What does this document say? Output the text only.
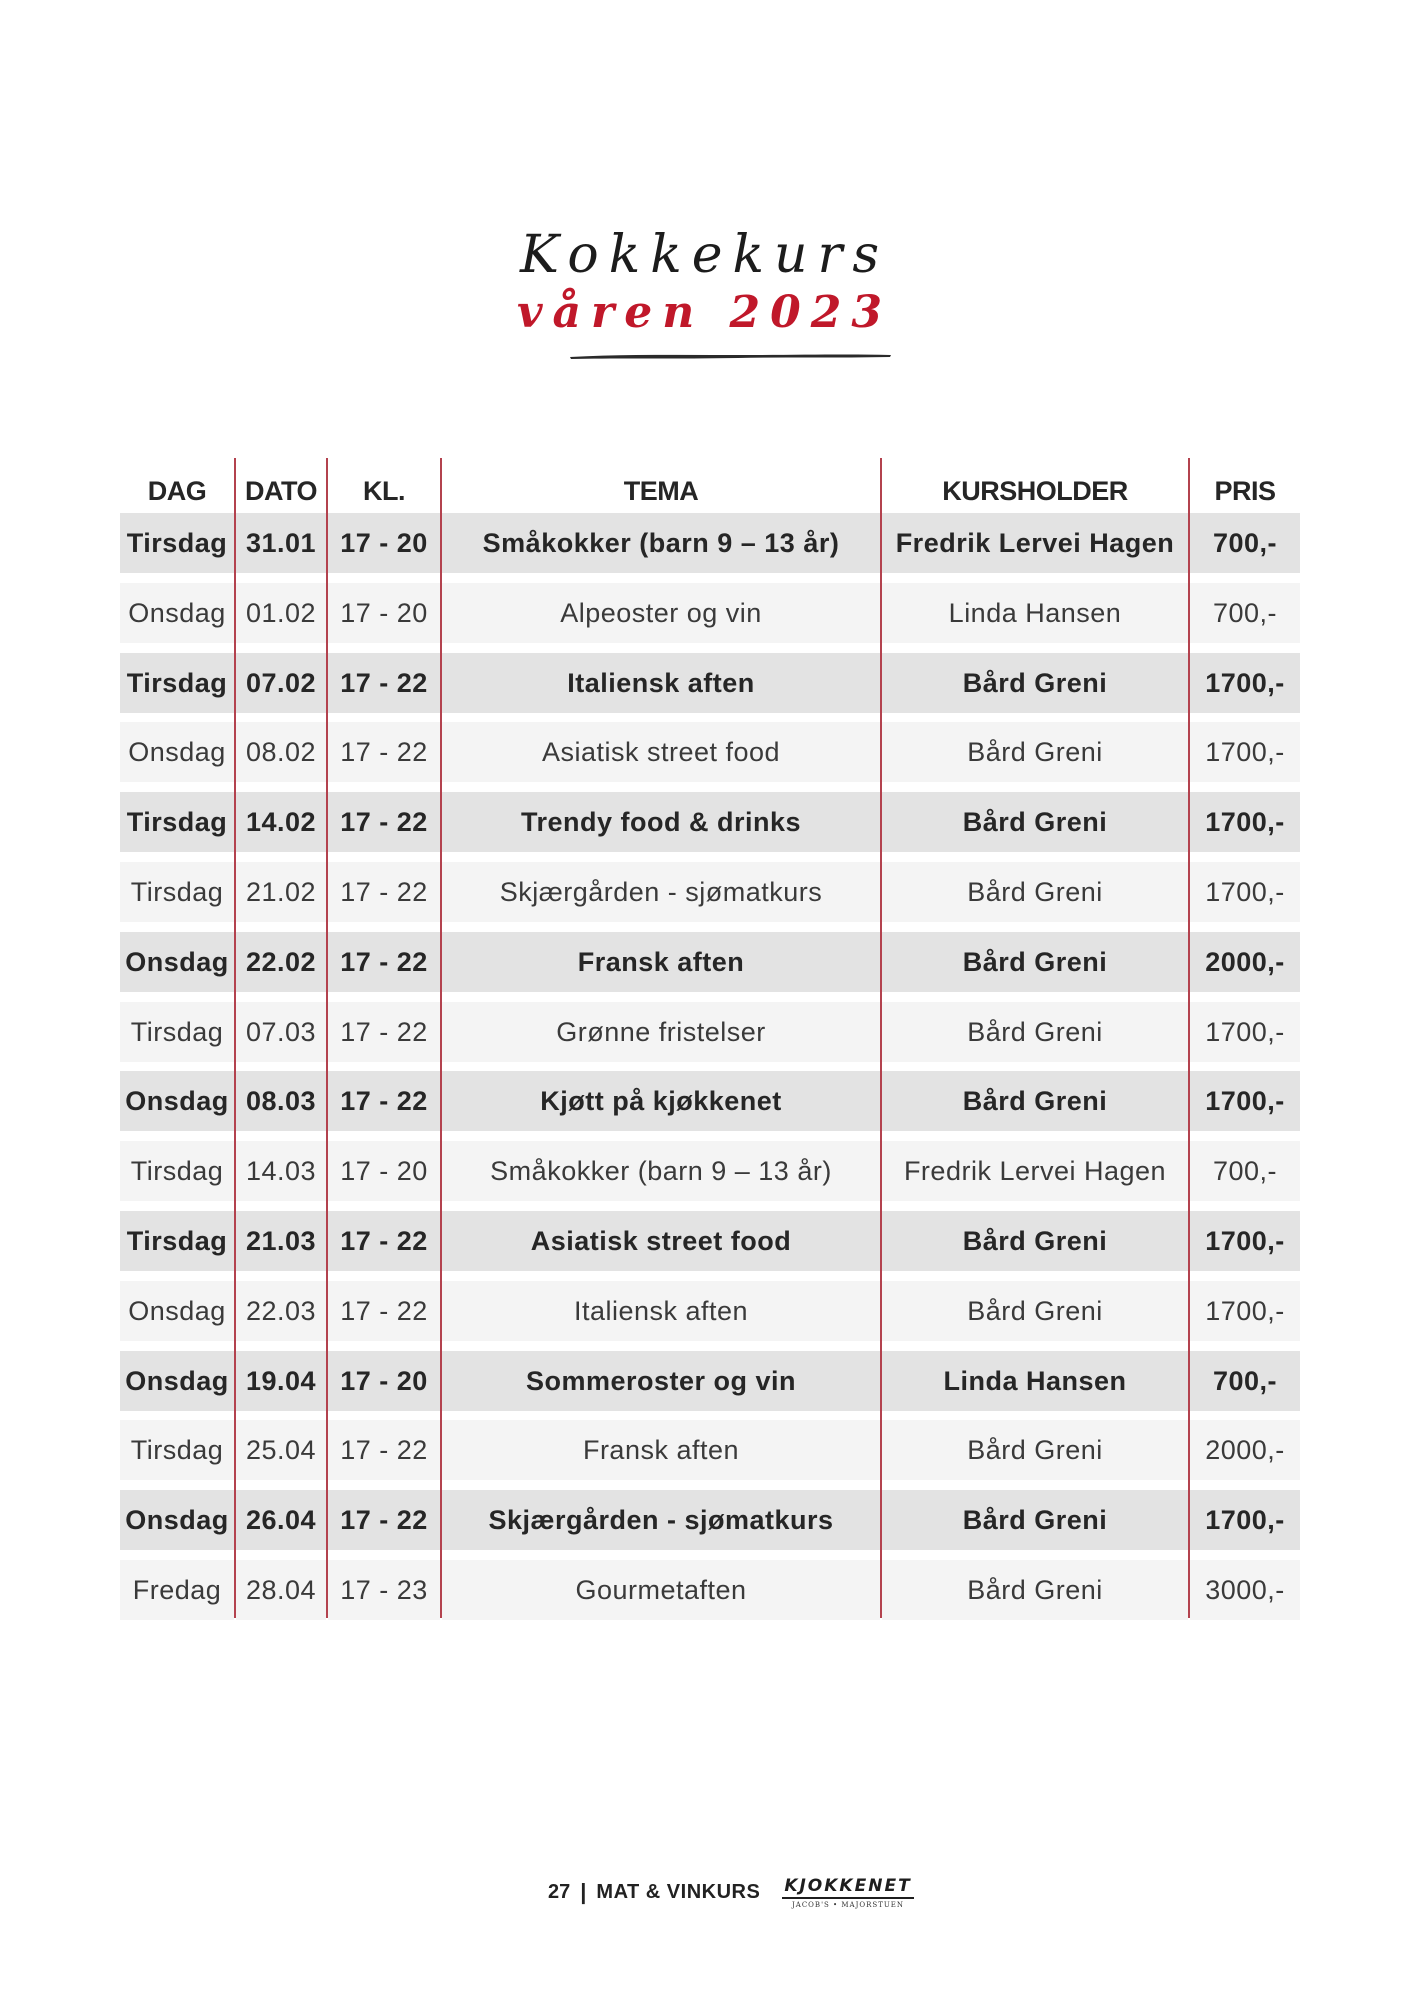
Kokkekurs
våren 2023
DAG	DATO	KL.	TEMA	KURSHOLDER	PRIS
Tirsdag 31.01 17 - 20	Småkokker (barn 9 – 13 år)	Fredrik Lervei Hagen	700,-
Onsdag 01.02 17 - 20	Alpeoster og vin	Linda Hansen	700,-
Tirsdag 07.02 17 - 22	Italiensk aften	Bård Greni	1700,-
Onsdag 08.02 17 - 22	Asiatisk street food	Bård Greni	1700,-
Tirsdag 14.02 17 - 22	Trendy food & drinks	Bård Greni	1700,-
Tirsdag 21.02 17 - 22	Skjærgården - sjømatkurs	Bård Greni	1700,-
Onsdag 22.02 17 - 22	Fransk aften	Bård Greni	2000,-
Tirsdag 07.03 17 - 22	Grønne fristelser	Bård Greni	1700,-
Onsdag 08.03 17 - 22	Kjøtt på kjøkkenet	Bård Greni	1700,-
Tirsdag 14.03 17 - 20	Småkokker (barn 9 – 13 år)	Fredrik Lervei Hagen	700,-
Tirsdag 21.03 17 - 22	Asiatisk street food	Bård Greni	1700,-
Onsdag 22.03 17 - 22	Italiensk aften	Bård Greni	1700,-
Onsdag 19.04 17 - 20	Sommeroster og vin	Linda Hansen	700,-
Tirsdag 25.04 17 - 22	Fransk aften	Bård Greni	2000,-
Onsdag 26.04 17 - 22	Skjærgården - sjømatkurs	Bård Greni	1700,-
Fredag 28.04 17 - 23	Gourmetaften	Bård Greni	3000,-
27 | MAT & VINKURS KJOKKENET
JACOB'S • MAJORSTUEN
